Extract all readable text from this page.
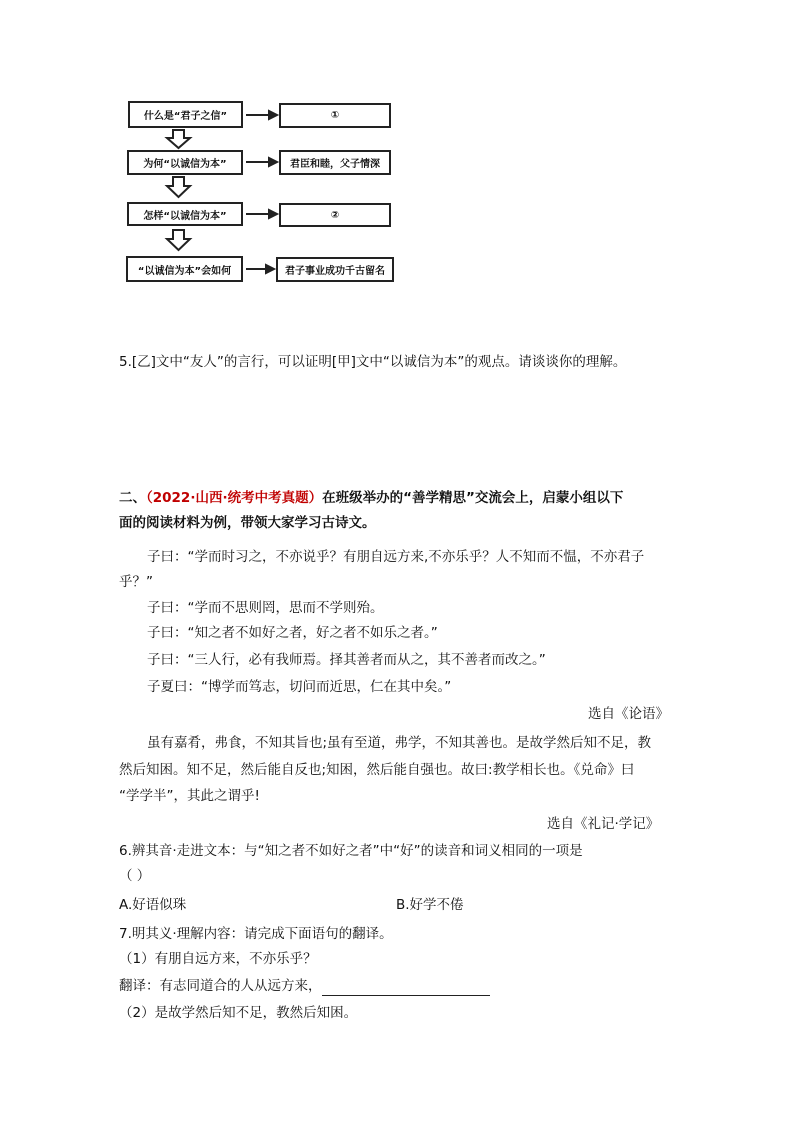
什么是“君子之信”	①
为何“以诚信为本”	君臣和睦，父子情深
怎样“以诚信为本”	②
“以诚信为本”会如何	君子事业成功千古留名
5.[乙]文中“友人”的言行，可以证明[甲]文中“以诚信为本”的观点。请谈谈你的理解。
二、（2022·山西·统考中考真题）在班级举办的“善学精思”交流会上，启蒙小组以下
面的阅读材料为例，带领大家学习古诗文。
子曰：“学而时习之，不亦说乎？有朋自远方来,不亦乐乎？人不知而不愠，不亦君子
乎？”
子曰：“学而不思则罔，思而不学则殆。
子曰：“知之者不如好之者，好之者不如乐之者。”
子曰：“三人行，必有我师焉。择其善者而从之，其不善者而改之。”
子夏曰：“博学而笃志，切问而近思，仁在其中矣。”
选自《论语》
虽有嘉肴，弗食，不知其旨也;虽有至道，弗学，不知其善也。是故学然后知不足，教
然后知困。知不足，然后能自反也;知困，然后能自强也。故曰:教学相长也。《兑命》曰
“学学半”，其此之谓乎!
选自《礼记·学记》
6.辨其音·走进文本：与“知之者不如好之者”中“好”的读音和词义相同的一项是
（ ）
A.好语似珠	B.好学不倦
7.明其义·理解内容：请完成下面语句的翻译。
（1）有朋自远方来，不亦乐乎？
翻译：有志同道合的人从远方来，
（2）是故学然后知不足，教然后知困。
